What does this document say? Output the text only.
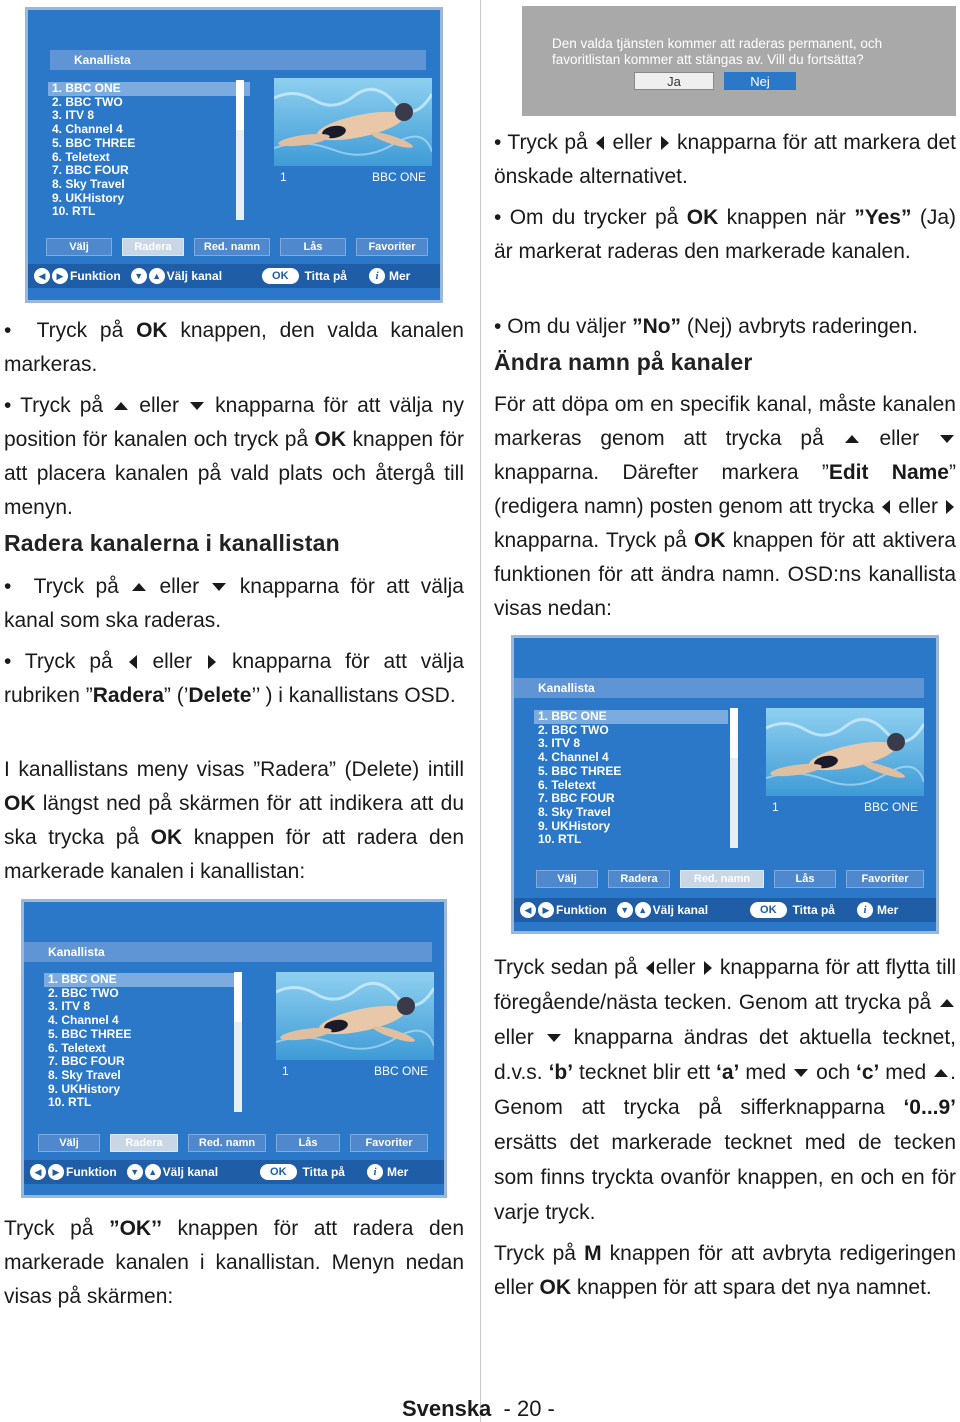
Kanallista
1. BBC ONE
2. BBC TWO
3. ITV 8
4. Channel 4
5. BBC THREE
6. Teletext
7. BBC FOUR
8. Sky Travel
9. UKHistory
10. RTL
1	BBC ONE
Välj	Radera	Red. namn	Lås	Favoriter
◀	▶ Funktion	▼	▲ Välj kanal	OK	Titta på	i Mer
Kanallista
1. BBC ONE
2. BBC TWO
3. ITV 8
4. Channel 4
5. BBC THREE
6. Teletext
7. BBC FOUR
8. Sky Travel
9. UKHistory
10. RTL
1	BBC ONE
Välj	Radera	Red. namn	Lås	Favoriter
◀	▶ Funktion	▼	▲ Välj kanal	OK	Titta på	i Mer
Kanallista
1. BBC ONE
2. BBC TWO
3. ITV 8
4. Channel 4
5. BBC THREE
6. Teletext
7. BBC FOUR
8. Sky Travel
9. UKHistory
10. RTL
1	BBC ONE
Välj	Radera	Red. namn	Lås	Favoriter
◀	▶ Funktion	▼	▲ Välj kanal	OK	Titta på	i Mer
Den valda tjänsten kommer att raderas permanent, och favoritlistan kommer att stängas av. Vill du fortsätta?
Ja	Nej

•  Tryck på OK knappen, den valda kanalen markeras.

• Tryck på  eller  knapparna för att välja ny position för kanalen och tryck på OK knappen för att placera kanalen på vald plats och återgå till menyn.

Radera kanalerna i kanallistan

•  Tryck på  eller  knapparna för att välja kanal som ska raderas.

• Tryck på  eller  knapparna för att välja rubriken ”Radera” (’Delete’’ ) i kanallistans OSD.

I kanallistans meny visas ”Radera” (Delete) intill OK längst ned på skärmen för att indikera att du ska trycka på OK knappen för att radera den markerade kanalen i kanallistan:

Tryck på ”OK’’ knappen för att radera den markerade kanalen i kanallistan. Menyn nedan visas på skärmen:

• Tryck på  eller  knapparna för att markera det önskade alternativet.

• Om du trycker på OK knappen när ”Yes” (Ja) är markerat raderas den markerade kanalen.

• Om du väljer ”No” (Nej) avbryts raderingen.

Ändra namn på kanaler

För att döpa om en specifik kanal, måste kanalen markeras genom att trycka på  eller  knapparna. Därefter markera ”Edit Name” (redigera namn) posten genom att trycka  eller  knapparna. Tryck på OK knappen för att aktivera funktionen för att ändra namn. OSD:ns kanallista visas nedan:

Tryck sedan på eller  knapparna för att flytta till föregående/nästa tecken. Genom att trycka på  eller  knapparna ändras det aktuella tecknet, d.v.s. ‘b’ tecknet blir ett ‘a’ med  och ‘c’ med . Genom att trycka på sifferknapparna ‘0...9’ ersätts det markerade tecknet med de tecken som finns tryckta ovanför knappen, en och en för varje tryck.

Tryck på M knappen för att avbryta redigeringen eller OK knappen för att spara det nya namnet.

Svenska - 20 -
